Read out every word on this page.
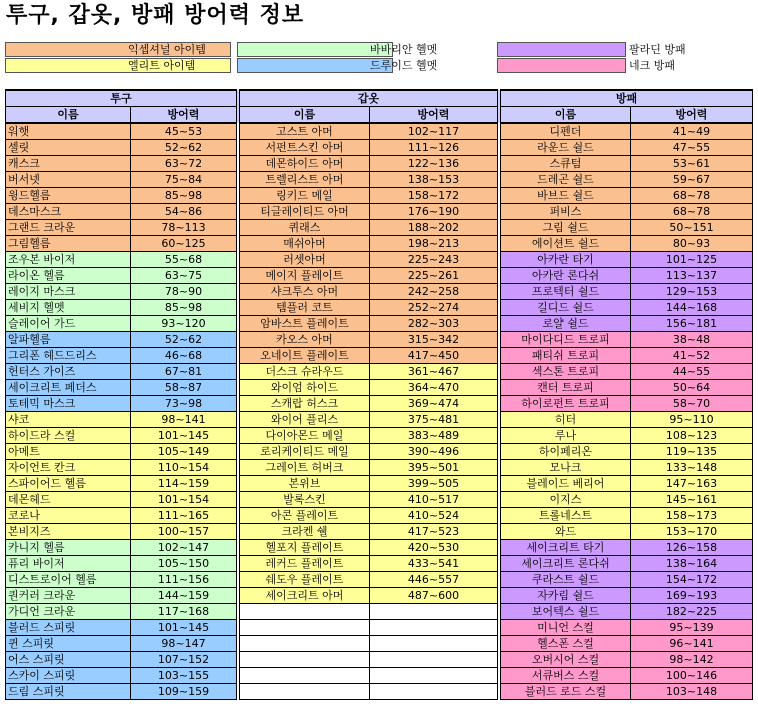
투구, 갑옷, 방패 방어력 정보
익셉셔널 아이템
엘리트 아이템
바바리안 헬멧
드루이드 헬멧
팔라딘 방패
네크 방패
투구			갑옷			방패	
이름	방어력		이름	방어력		이름	방어력
워햇	45~53		고스트 아머	102~117		디펜더	41~49
셀릿	52~62		서펀트스킨 아머	111~126		라운드 쉴드	47~55
캐스크	63~72		데몬하이드 아머	122~136		스큐텀	53~61
버서넷	75~84		트렐리스트 아머	138~153		드레곤 쉴드	59~67
윙드헬름	85~98		링키드 메일	158~172		바브드 쉴드	68~78
데스마스크	54~86		티글레이티드 아머	176~190		퍼비스	68~78
그랜드 크라운	78~113		퀴래스	188~202		그림 쉴드	50~151
그림헬름	60~125		매쉬아머	198~213		에이션트 쉴드	80~93
조우본 바이저	55~68		러셋아머	225~243		아카란 타기	101~125
라이온 헬름	63~75		메이지 플레이트	225~261		아카란 론다쉬	113~137
레이지 마스크	78~90		샤크투스 아머	242~258		프로텍터 쉴드	129~153
세비지 헬멧	85~98		템플러 코트	252~274		길디드 쉴드	144~168
슬레이어 가드	93~120		암바스트 플레이트	282~303		로얄 쉴드	156~181
알파헬름	52~62		카오스 아머	315~342		마이다디드 트로피	38~48
그리폰 헤드드리스	46~68		오네이트 플레이트	417~450		패티쉬 트로피	41~52
헌터스 가이즈	67~81		더스크 슈라우드	361~467		섹스톤 트로피	44~55
세이크리트 페더스	58~87		와이엄 하이드	364~470		캔터 트로피	50~64
토테믹 마스크	73~98		스캐랍 허스크	369~474		하이로펀트 트로피	58~70
샤코	98~141		와이어 플리스	375~481		히터	95~110
하이드라 스컬	101~145		다이아몬드 메일	383~489		루나	108~123
아메트	105~149		로리케이티드 메일	390~496		하이페리온	119~135
자이언트 칸크	110~154		그레이트 허버크	395~501		모나크	133~148
스파이어드 헬름	114~159		본위브	399~505		블레이드 베리어	147~163
데몬헤드	101~154		발록스킨	410~517		이지스	145~161
코로나	111~165		아콘 플레이트	410~524		트롤네스트	158~173
본비지즈	100~157		크라켄 쉘	417~523		와드	153~170
카니지 헬름	102~147		헬포지 플레이트	420~530		세이크리트 타기	126~158
퓨리 바이저	105~150		레커드 플레이트	433~541		세이크리트 론다쉬	138~164
디스트로이어 헬름	111~156		쉐도우 플레이트	446~557		쿠라스트 쉴드	154~172
퀀커러 크라운	144~159		세이크리트 아머	487~600		자카림 쉴드	169~193
가디언 크라운	117~168					보어텍스 쉴드	182~225
블러드 스피릿	101~145					미니언 스컬	95~139
퀸 스피릿	98~147					헬스폰 스컬	96~141
어스 스피릿	107~152					오버시어 스컬	98~142
스카이 스피릿	103~155					서큐버스 스컬	100~146
드림 스피릿	109~159					블러드 로드 스컬	103~148
